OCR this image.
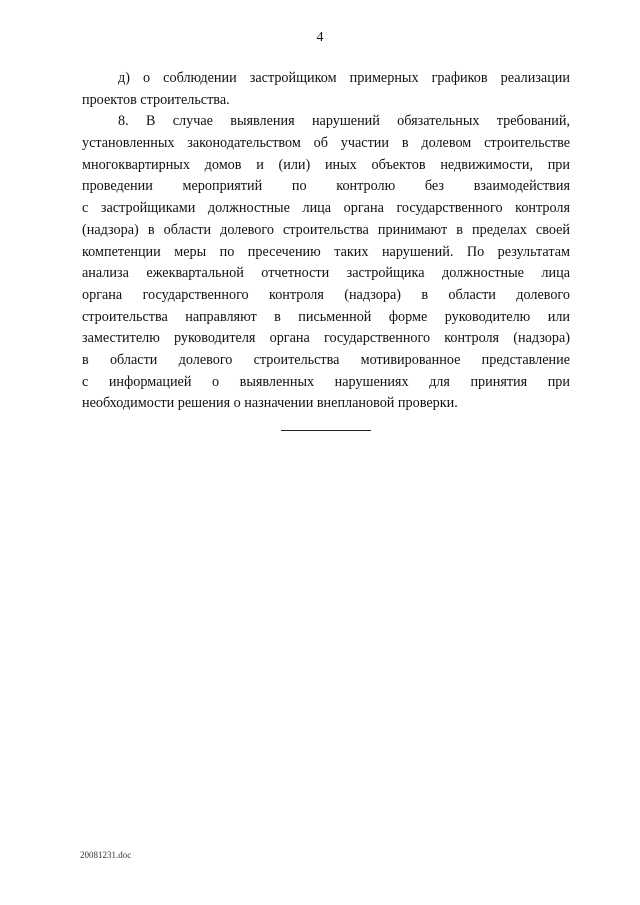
4
д) о соблюдении застройщиком примерных графиков реализации
проектов строительства.
8. В случае выявления нарушений обязательных требований,
установленных законодательством об участии в долевом строительстве
многоквартирных домов и (или) иных объектов недвижимости, при
проведении мероприятий по контролю без взаимодействия
с застройщиками должностные лица органа государственного контроля
(надзора) в области долевого строительства принимают в пределах своей
компетенции меры по пресечению таких нарушений. По результатам
анализа ежеквартальной отчетности застройщика должностные лица
органа государственного контроля (надзора) в области долевого
строительства направляют в письменной форме руководителю или
заместителю руководителя органа государственного контроля (надзора)
в области долевого строительства мотивированное представление
с информацией о выявленных нарушениях для принятия при
необходимости решения о назначении внеплановой проверки.
20081231.doc
